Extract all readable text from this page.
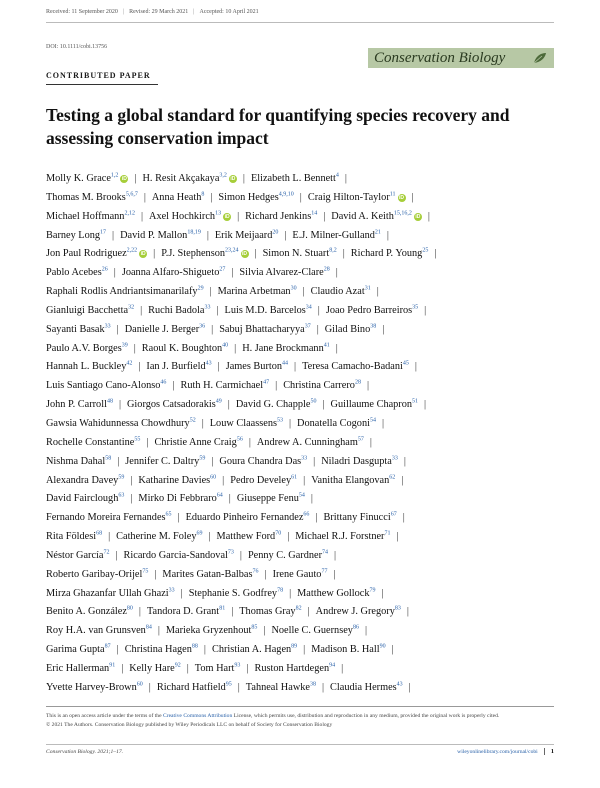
Received: 11 September 2020 | Revised: 29 March 2021 | Accepted: 10 April 2021
DOI: 10.1111/cobi.13756
Conservation Biology
CONTRIBUTED PAPER
Testing a global standard for quantifying species recovery and assessing conservation impact
Molly K. Grace$^{1,2}$iD | H. Resit Akçakaya$^{3,2}$iD | Elizabeth L. Bennett$^4$ |
Thomas M. Brooks$^{5,6,7}$ | Anna Heath$^8$ | Simon Hedges$^{4,9,10}$ | Craig Hilton-Taylor$^{11}$iD |
Michael Hoffmann$^{2,12}$ | Axel Hochkirch$^{13}$iD | Richard Jenkins$^{14}$ | David A. Keith$^{15,16,2}$iD |
Barney Long$^{17}$ | David P. Mallon$^{18,19}$ | Erik Meijaard$^{20}$ | E.J. Milner-Gulland$^{21}$ |
Jon Paul Rodriguez$^{2,22}$iD | P.J. Stephenson$^{23,24}$iD | Simon N. Stuart$^{8,2}$ | Richard P. Young$^{25}$ |
Pablo Acebes$^{26}$ | Joanna Alfaro-Shigueto$^{27}$ | Silvia Alvarez-Clare$^{28}$ |
Raphali Rodlis Andriantsimanarilafy$^{29}$ | Marina Arbetman$^{30}$ | Claudio Azat$^{31}$ |
Gianluigi Bacchetta$^{32}$ | Ruchi Badola$^{33}$ | Luis M.D. Barcelos$^{34}$ | Joao Pedro Barreiros$^{35}$ |
Sayanti Basak$^{33}$ | Danielle J. Berger$^{36}$ | Sabuj Bhattacharyya$^{37}$ | Gilad Bino$^{38}$ |
Paulo A.V. Borges$^{39}$ | Raoul K. Boughton$^{40}$ | H. Jane Brockmann$^{41}$ |
Hannah L. Buckley$^{42}$ | Ian J. Burfield$^{43}$ | James Burton$^{44}$ | Teresa Camacho-Badani$^{45}$ |
Luis Santiago Cano-Alonso$^{46}$ | Ruth H. Carmichael$^{47}$ | Christina Carrero$^{28}$ |
John P. Carroll$^{48}$ | Giorgos Catsadorakis$^{49}$ | David G. Chapple$^{50}$ | Guillaume Chapron$^{51}$ |
Gawsia Wahidunnessa Chowdhury$^{52}$ | Louw Claassens$^{53}$ | Donatella Cogoni$^{54}$ |
Rochelle Constantine$^{55}$ | Christie Anne Craig$^{56}$ | Andrew A. Cunningham$^{57}$ |
Nishma Dahal$^{58}$ | Jennifer C. Daltry$^{59}$ | Goura Chandra Das$^{33}$ | Niladri Dasgupta$^{33}$ |
Alexandra Davey$^{59}$ | Katharine Davies$^{60}$ | Pedro Develey$^{61}$ | Vanitha Elangovan$^{62}$ |
David Fairclough$^{63}$ | Mirko Di Febbraro$^{64}$ | Giuseppe Fenu$^{54}$ |
Fernando Moreira Fernandes$^{65}$ | Eduardo Pinheiro Fernandez$^{66}$ | Brittany Finucci$^{67}$ |
Rita Földesi$^{68}$ | Catherine M. Foley$^{69}$ | Matthew Ford$^{70}$ | Michael R.J. Forstner$^{71}$ |
Néstor García$^{72}$ | Ricardo Garcia-Sandoval$^{73}$ | Penny C. Gardner$^{74}$ |
Roberto Garibay-Orijel$^{75}$ | Marites Gatan-Balbas$^{76}$ | Irene Gauto$^{77}$ |
Mirza Ghazanfar Ullah Ghazi$^{33}$ | Stephanie S. Godfrey$^{78}$ | Matthew Gollock$^{79}$ |
Benito A. González$^{80}$ | Tandora D. Grant$^{81}$ | Thomas Gray$^{82}$ | Andrew J. Gregory$^{83}$ |
Roy H.A. van Grunsven$^{84}$ | Marieka Gryzenhout$^{85}$ | Noelle C. Guernsey$^{86}$ |
Garima Gupta$^{87}$ | Christina Hagen$^{88}$ | Christian A. Hagen$^{89}$ | Madison B. Hall$^{90}$ |
Eric Hallerman$^{91}$ | Kelly Hare$^{92}$ | Tom Hart$^{93}$ | Ruston Hartdegen$^{94}$ |
Yvette Harvey-Brown$^{60}$ | Richard Hatfield$^{95}$ | Tahneal Hawke$^{38}$ | Claudia Hermes$^{43}$ |
This is an open access article under the terms of the Creative Commons Attribution License, which permits use, distribution and reproduction in any medium, provided the original work is properly cited.
© 2021 The Authors. Conservation Biology published by Wiley Periodicals LLC on behalf of Society for Conservation Biology
Conservation Biology. 2021;1–17.	wileyonlinelibrary.com/journal/cobi	1
